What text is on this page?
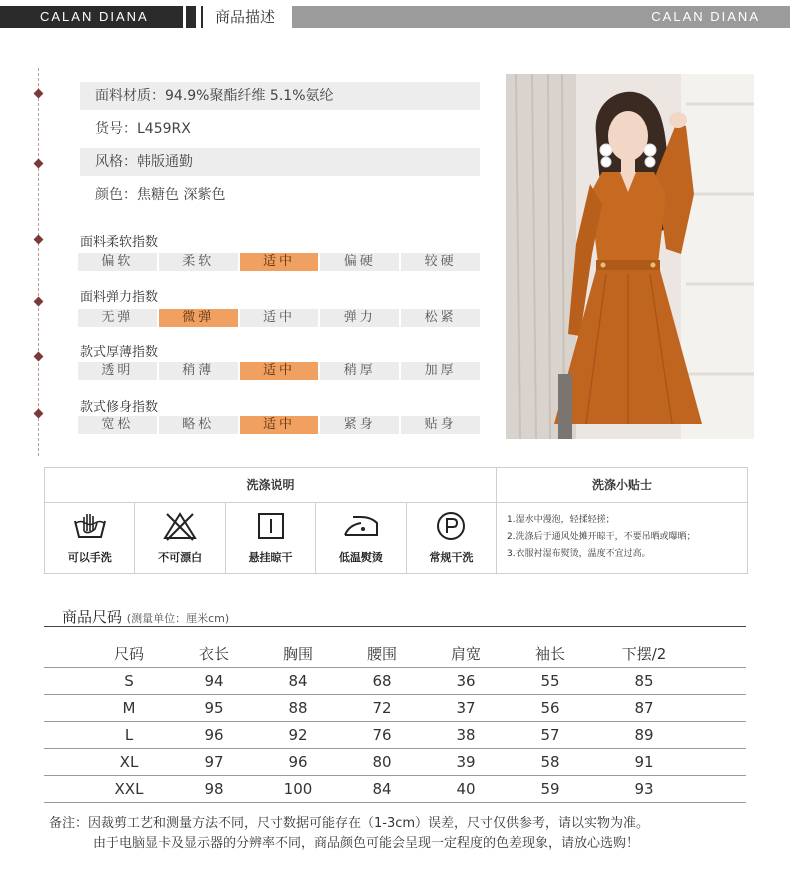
CALAN DIANA	商品描述	CALAN DIANA
面料材质：94.9%聚酯纤维 5.1%氨纶
货号：L459RX
风格：韩版通勤
颜色：焦糖色 深紫色
面料柔软指数
偏软	柔软	适中	偏硬	较硬
面料弹力指数
无弹	微弹	适中	弹力	松紧
款式厚薄指数
透明	稍薄	适中	稍厚	加厚
款式修身指数
宽松	略松	适中	紧身	贴身
洗涤说明	洗涤小贴士
可以手洗	不可漂白	悬挂晾干	低温熨烫	常规干洗
1.湿水中漫泡，轻揉轻搓；
2.洗涤后于通风处摊开晾干，不要吊晒或曝晒；
3.衣服衬湿布熨烫，温度不宜过高。
商品尺码 (测量单位：厘米cm)
尺码	衣长	胸围	腰围	肩宽	袖长	下摆/2
S	94	84	68	36	55	85
M	95	88	72	37	56	87
L	96	92	76	38	57	89
XL	97	96	80	39	58	91
XXL	98	100	84	40	59	93
备注：因裁剪工艺和测量方法不同，尺寸数据可能存在（1-3cm）误差，尺寸仅供参考，请以实物为准。
由于电脑显卡及显示器的分辨率不同，商品颜色可能会呈现一定程度的色差现象，请放心选购！
